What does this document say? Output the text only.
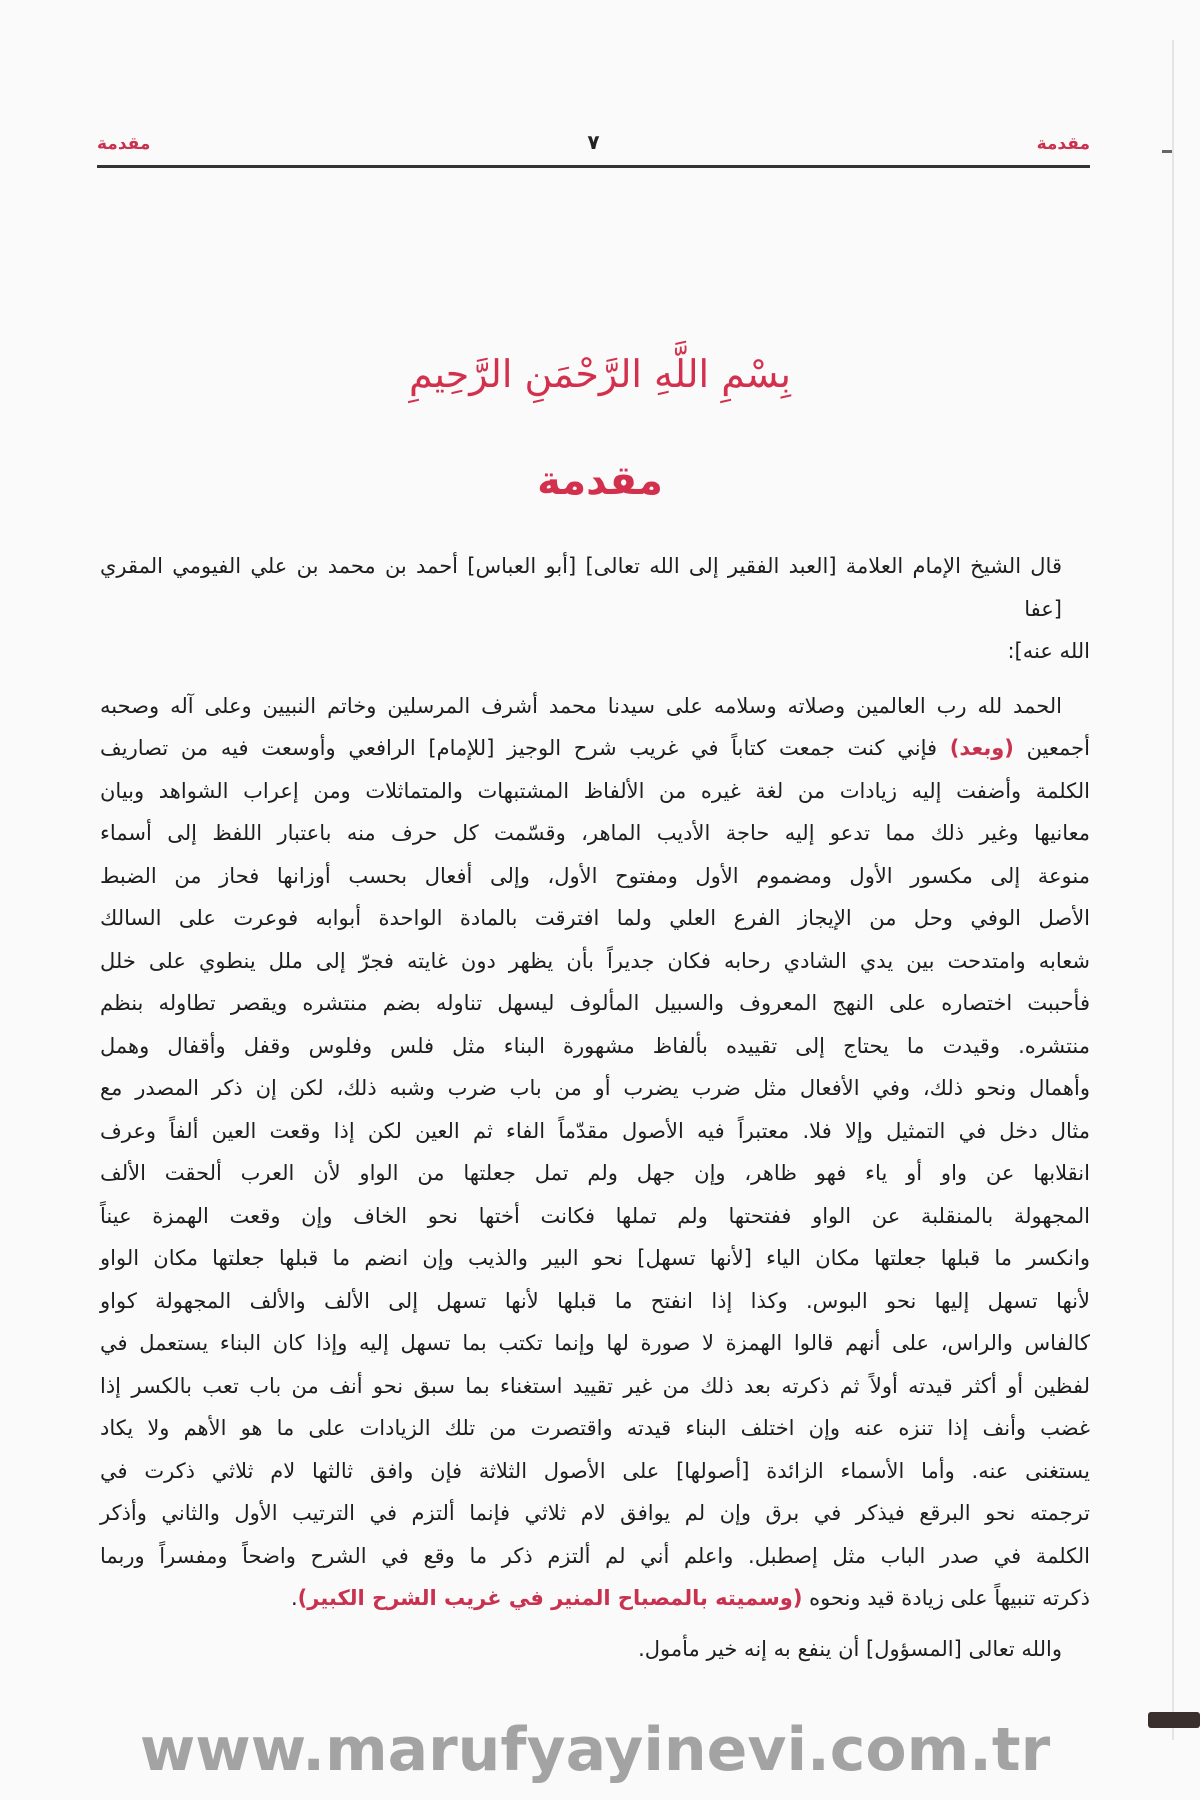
مقدمة
٧
مقدمة
بِسْمِ اللَّهِ الرَّحْمَنِ الرَّحِيمِ
مقدمة
قال الشيخ الإمام العلامة [العبد الفقير إلى الله تعالى] [أبو العباس] أحمد بن محمد بن علي الفيومي المقري [عفا
الله عنه]:
الحمد لله رب العالمين وصلاته وسلامه على سيدنا محمد أشرف المرسلين وخاتم النبيين وعلى آله وصحبه
أجمعين (وبعد) فإني كنت جمعت كتاباً في غريب شرح الوجيز [للإمام] الرافعي وأوسعت فيه من تصاريف
الكلمة وأضفت إليه زيادات من لغة غيره من الألفاظ المشتبهات والمتماثلات ومن إعراب الشواهد وبيان
معانيها وغير ذلك مما تدعو إليه حاجة الأديب الماهر، وقسّمت كل حرف منه باعتبار اللفظ إلى أسماء
منوعة إلى مكسور الأول ومضموم الأول ومفتوح الأول، وإلى أفعال بحسب أوزانها فحاز من الضبط
الأصل الوفي وحل من الإيجاز الفرع العلي ولما افترقت بالمادة الواحدة أبوابه فوعرت على السالك
شعابه وامتدحت بين يدي الشادي رحابه فكان جديراً بأن يظهر دون غايته فجرّ إلى ملل ينطوي على خلل
فأحببت اختصاره على النهج المعروف والسبيل المألوف ليسهل تناوله بضم منتشره ويقصر تطاوله بنظم
منتشره. وقيدت ما يحتاج إلى تقييده بألفاظ مشهورة البناء مثل فلس وفلوس وقفل وأقفال وهمل
وأهمال ونحو ذلك، وفي الأفعال مثل ضرب يضرب أو من باب ضرب وشبه ذلك، لكن إن ذكر المصدر مع
مثال دخل في التمثيل وإلا فلا. معتبراً فيه الأصول مقدّماً الفاء ثم العين لكن إذا وقعت العين ألفاً وعرف
انقلابها عن واو أو ياء فهو ظاهر، وإن جهل ولم تمل جعلتها من الواو لأن العرب ألحقت الألف
المجهولة بالمنقلبة عن الواو ففتحتها ولم تملها فكانت أختها نحو الخاف وإن وقعت الهمزة عيناً
وانكسر ما قبلها جعلتها مكان الياء [لأنها تسهل] نحو البير والذيب وإن انضم ما قبلها جعلتها مكان الواو
لأنها تسهل إليها نحو البوس. وكذا إذا انفتح ما قبلها لأنها تسهل إلى الألف والألف المجهولة كواو
كالفاس والراس، على أنهم قالوا الهمزة لا صورة لها وإنما تكتب بما تسهل إليه وإذا كان البناء يستعمل في
لفظين أو أكثر قيدته أولاً ثم ذكرته بعد ذلك من غير تقييد استغناء بما سبق نحو أنف من باب تعب بالكسر إذا
غضب وأنف إذا تنزه عنه وإن اختلف البناء قيدته واقتصرت من تلك الزيادات على ما هو الأهم ولا يكاد
يستغنى عنه. وأما الأسماء الزائدة [أصولها] على الأصول الثلاثة فإن وافق ثالثها لام ثلاثي ذكرت في
ترجمته نحو البرقع فيذكر في برق وإن لم يوافق لام ثلاثي فإنما ألتزم في الترتيب الأول والثاني وأذكر
الكلمة في صدر الباب مثل إصطبل. واعلم أني لم ألتزم ذكر ما وقع في الشرح واضحاً ومفسراً وربما
ذكرته تنبيهاً على زيادة قيد ونحوه (وسميته بالمصباح المنير في غريب الشرح الكبير).
والله تعالى [المسؤول] أن ينفع به إنه خير مأمول.
www.marufyayinevi.com.tr
